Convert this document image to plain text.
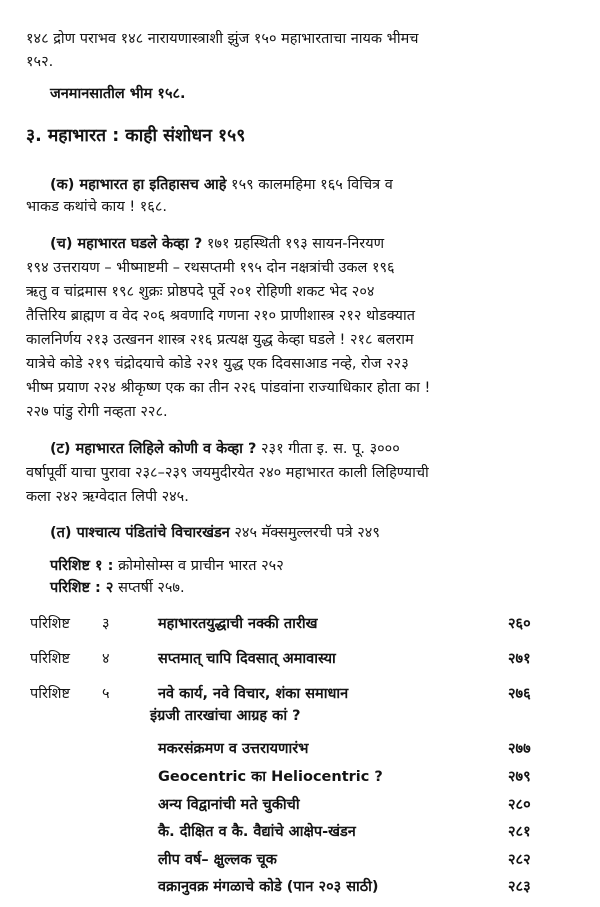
१४८ द्रोण पराभव १४८ नारायणास्त्राशी झुंज १५० महाभारताचा नायक भीमच
१५२.
जनमानसातील भीम १५८.
३. महाभारत : काही संशोधन १५९
(क) महाभारत हा इतिहासच आहे १५९ कालमहिमा १६५ विचित्र व
भाकड कथांचे काय ! १६८.
(च) महाभारत घडले केव्हा ? १७१ ग्रहस्थिती १९३ सायन-निरयण
१९४ उत्तरायण – भीष्माष्टमी – रथसप्तमी १९५ दोन नक्षत्रांची उकल १९६
ऋतु व चांद्रमास १९८ शुक्रः प्रोष्ठपदे पूर्वे २०१ रोहिणी शकट भेद २०४
तैत्तिरिय ब्राह्मण व वेद २०६ श्रवणादि गणना २१० प्राणीशास्त्र २१२ थोडक्यात
कालनिर्णय २१३ उत्खनन शास्त्र २१६ प्रत्यक्ष युद्ध केव्हा घडले ! २१८ बलराम
यात्रेचे कोडे २१९ चंद्रोदयाचे कोडे २२१ युद्ध एक दिवसाआड नव्हे, रोज २२३
भीष्म प्रयाण २२४ श्रीकृष्ण एक का तीन २२६ पांडवांना राज्याधिकार होता का !
२२७ पांडु रोगी नव्हता २२८.
(ट) महाभारत लिहिले कोणी व केव्हा ? २३१ गीता इ. स. पू. ३०००
वर्षापूर्वी याचा पुरावा २३८–२३९ जयमुदीरयेत २४० महाभारत काली लिहिण्याची
कला २४२ ऋग्वेदात लिपी २४५.
(त) पाश्चात्य पंडितांचे विचारखंडन २४५ मॅक्समुल्लरची पत्रे २४९
परिशिष्ट १ : क्रोमोसोम्स व प्राचीन भारत २५२
परिशिष्ट : २ सप्तर्षी २५७.
परिशिष्ट ३	महाभारतयुद्धाची नक्की तारीख	२६०
परिशिष्ट ४	सप्तमात् चापि दिवसात् अमावास्या	२७१
परिशिष्ट ५	नवे कार्य, नवे विचार, शंका समाधान	२७६
इंग्रजी तारखांचा आग्रह कां ?
मकरसंक्रमण व उत्तरायणारंभ	२७७
Geocentric का Heliocentric ?	२७९
अन्य विद्वानांची मते चुकीची	२८०
कै. दीक्षित व कै. वैद्यांचे आक्षेप-खंडन	२८१
लीप वर्ष– क्षुल्लक चूक	२८२
वक्रानुवक्र मंगळाचे कोडे (पान २०३ साठी)	२८३
